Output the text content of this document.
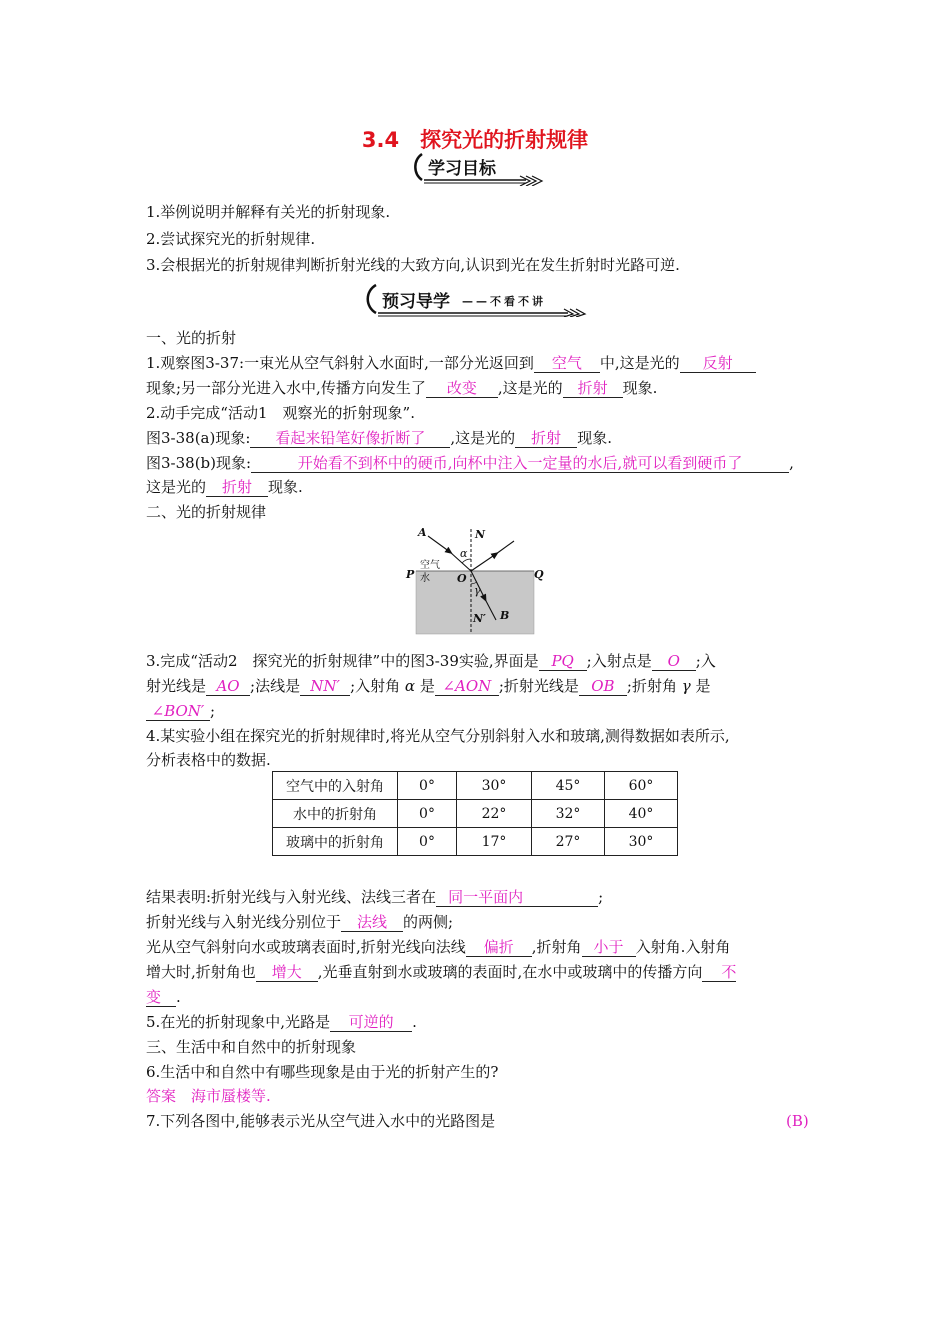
3.4　探究光的折射规律
学习目标
1.举例说明并解释有关光的折射现象.
2.尝试探究光的折射规律.
3.会根据光的折射规律判断折射光线的大致方向,认识到光在发生折射时光路可逆.
预习导学 ——不看不讲
一、光的折射
1.观察图3-37:一束光从空气斜射入水面时,一部分光返回到 空气 中,这是光的 反射
现象;另一部分光进入水中,传播方向发生了 改变 ,这是光的 折射 现象.
2.动手完成“活动1　观察光的折射现象”.
图3-38(a)现象: 看起来铅笔好像折断了 ,这是光的 折射 现象.
图3-38(b)现象:	开始看不到杯中的硬币,向杯中注入一定量的水后,就可以看到硬币了	,
这是光的 折射 现象.
二、光的折射规律
A	N
α
P	O	Q
γ
N′ B
空气
水
3.完成“活动2　探究光的折射规律”中的图3-39实验,界面是 PQ ;入射点是 O ;入
射光线是 AO ;法线是 NN′ ;入射角 α 是 ∠AON ;折射光线是 OB ;折射角 γ 是
∠BON′ ;
4.某实验小组在探究光的折射规律时,将光从空气分别斜射入水和玻璃,测得数据如表所示,
分析表格中的数据.
空气中的入射角	0°	30°	45°	60°
水中的折射角	0°	22°	32°	40°
玻璃中的折射角	0°	17°	27°	30°
结果表明:折射光线与入射光线、法线三者在 同一平面内	;
折射光线与入射光线分别位于 法线 的两侧;
光从空气斜射向水或玻璃表面时,折射光线向法线 偏折 ,折射角 小于 入射角.入射角
增大时,折射角也 增大 ,光垂直射到水或玻璃的表面时,在水中或玻璃中的传播方向 不
变 .
5.在光的折射现象中,光路是 可逆的 .
三、生活中和自然中的折射现象
6.生活中和自然中有哪些现象是由于光的折射产生的?
答案　海市蜃楼等.
7.下列各图中,能够表示光从空气进入水中的光路图是	(B)
